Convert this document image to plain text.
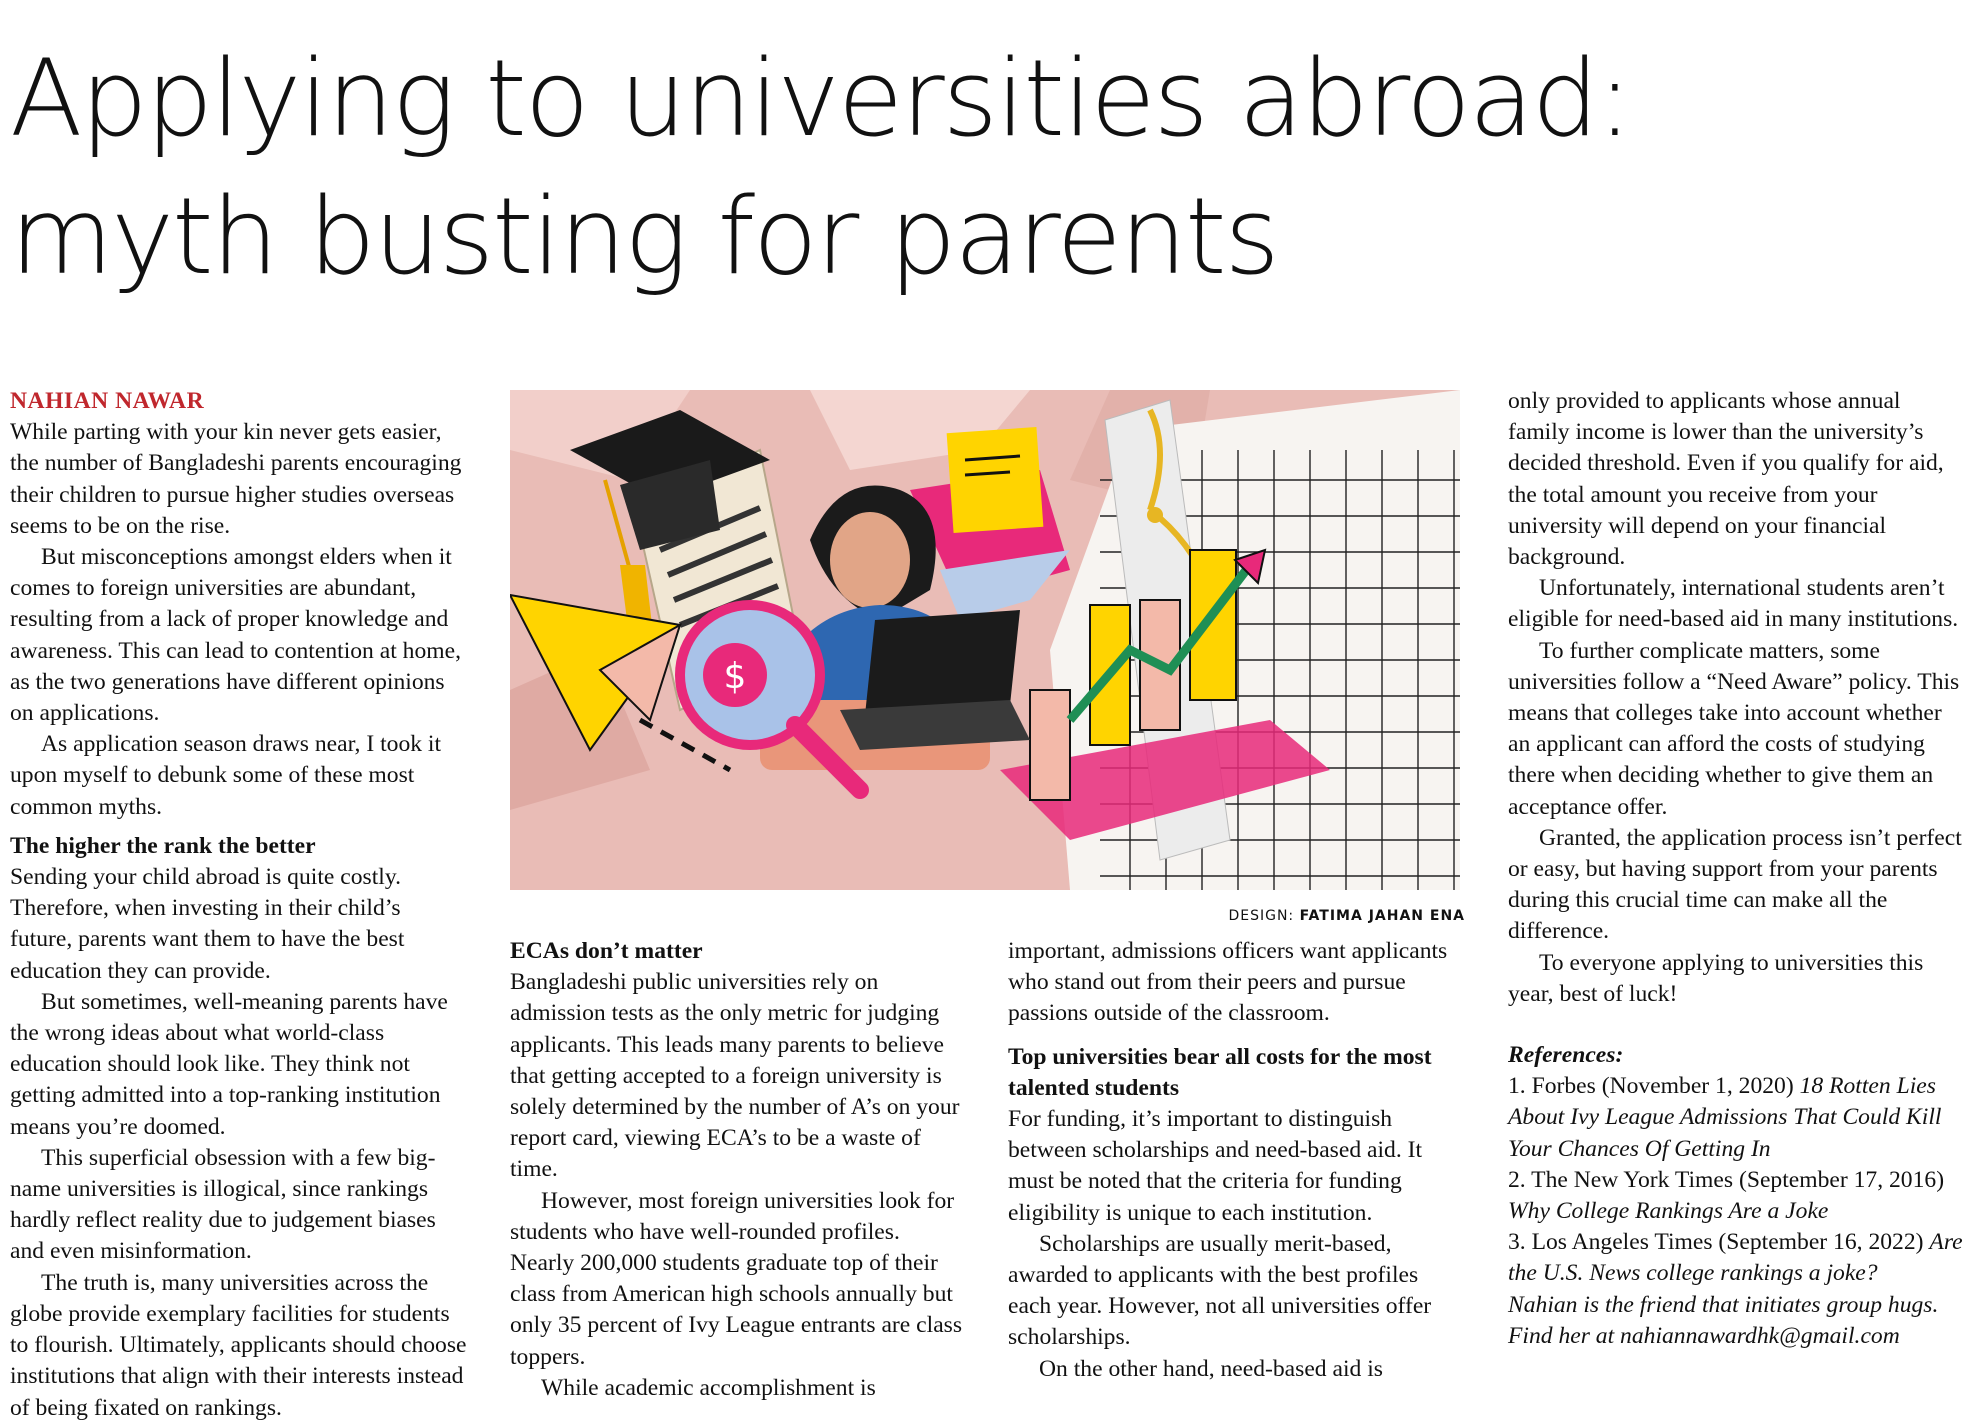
Applying to universities abroad:
myth busting for parents

NAHIAN NAWAR

While parting with your kin never gets easier, the number of Bangladeshi parents encouraging their children to pursue higher studies overseas seems to be on the rise.

But misconceptions amongst elders when it comes to foreign universities are abundant, resulting from a lack of proper knowledge and awareness. This can lead to contention at home, as the two generations have different opinions on applications.

As application season draws near, I took it upon myself to debunk some of these most common myths.

The higher the rank the better

Sending your child abroad is quite costly. Therefore, when investing in their child’s future, parents want them to have the best education they can provide.

But sometimes, well-meaning parents have the wrong ideas about what world-class education should look like. They think not getting admitted into a top-ranking institution means you’re doomed.

This superficial obsession with a few big-name universities is illogical, since rankings hardly reflect reality due to judgement biases and even misinformation.

The truth is, many universities across the globe provide exemplary facilities for students to flourish. Ultimately, applicants should choose institutions that align with their interests instead of being fixated on rankings.

$
DESIGN: FATIMA JAHAN ENA
ECAs don’t matter

Bangladeshi public universities rely on admission tests as the only metric for judging applicants. This leads many parents to believe that getting accepted to a foreign university is solely determined by the number of A’s on your report card, viewing ECA’s to be a waste of time.

However, most foreign universities look for students who have well-rounded profiles. Nearly 200,000 students graduate top of their class from American high schools annually but only 35 percent of Ivy League entrants are class toppers.

While academic accomplishment is

important, admissions officers want applicants who stand out from their peers and pursue passions outside of the classroom.

Top universities bear all costs for the most talented students

For funding, it’s important to distinguish between scholarships and need-based aid. It must be noted that the criteria for funding eligibility is unique to each institution.

Scholarships are usually merit-based, awarded to applicants with the best profiles each year. However, not all universities offer scholarships.

On the other hand, need-based aid is

only provided to applicants whose annual family income is lower than the university’s decided threshold. Even if you qualify for aid, the total amount you receive from your university will depend on your financial background.

Unfortunately, international students aren’t eligible for need-based aid in many institutions.

To further complicate matters, some universities follow a “Need Aware” policy. This means that colleges take into account whether an applicant can afford the costs of studying there when deciding whether to give them an acceptance offer.

Granted, the application process isn’t perfect or easy, but having support from your parents during this crucial time can make all the difference.

To everyone applying to universities this year, best of luck!

References:

1. Forbes (November 1, 2020) 18 Rotten Lies About Ivy League Admissions That Could Kill Your Chances Of Getting In

2. The New York Times (September 17, 2016) Why College Rankings Are a Joke

3. Los Angeles Times (September 16, 2022) Are the U.S. News college rankings a joke?

Nahian is the friend that initiates group hugs. Find her at nahiannawardhk@gmail.com
